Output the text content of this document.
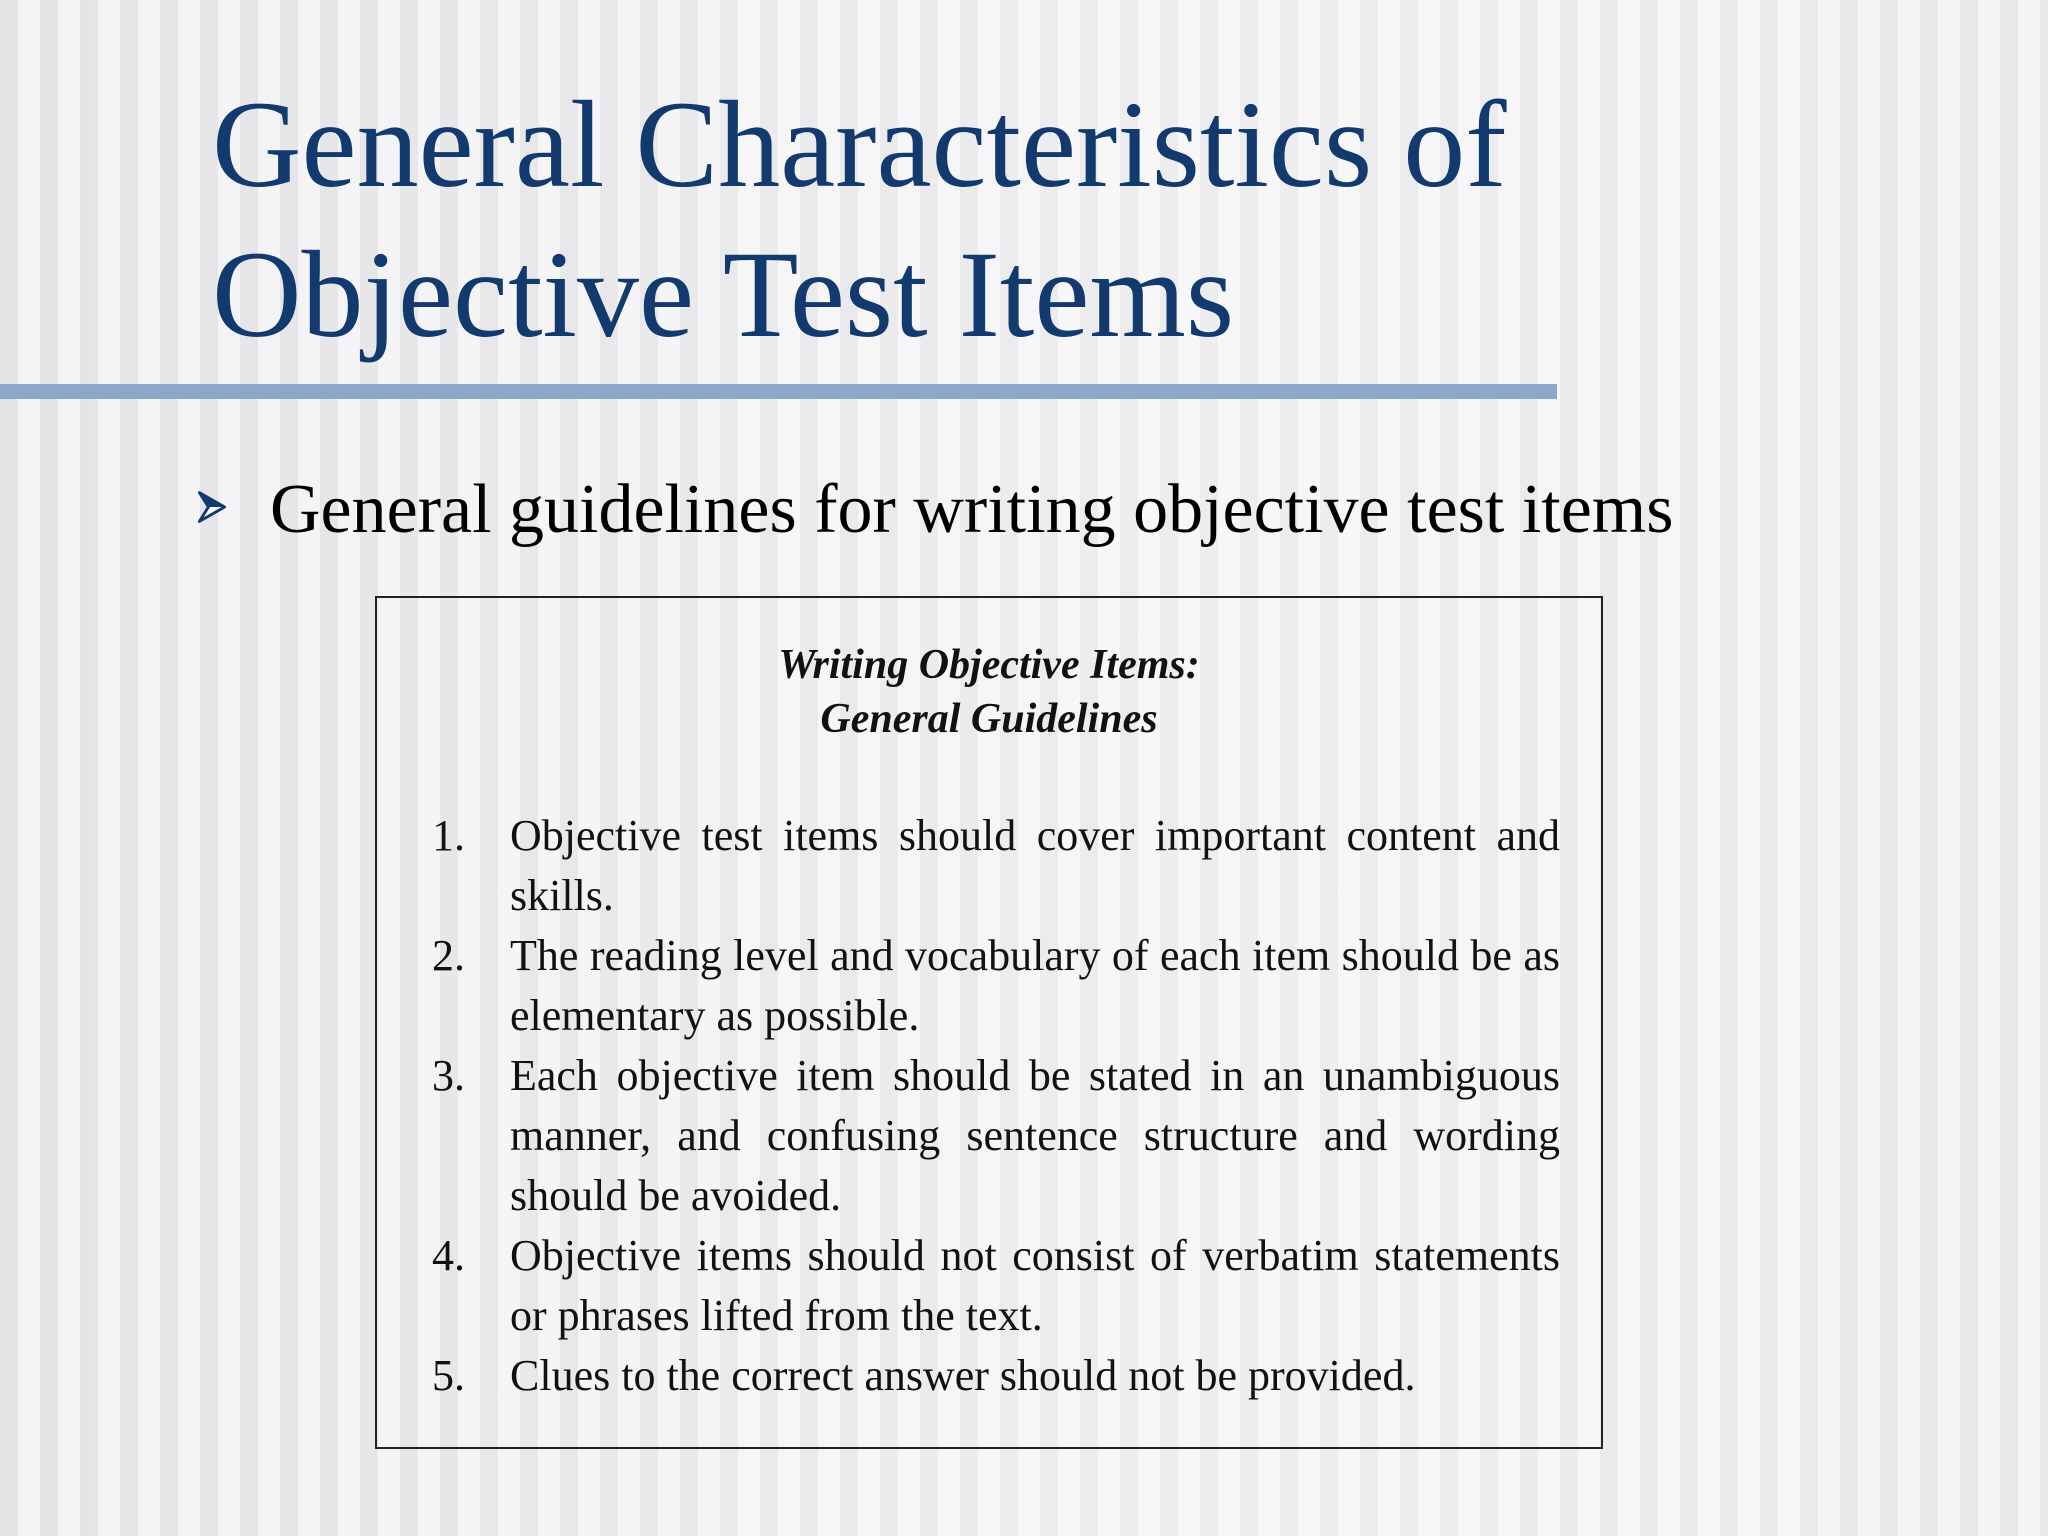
General Characteristics of
Objective Test Items
General guidelines for writing objective test items
Writing Objective Items:
General Guidelines
1.	Objective test items should cover important content and skills.
2.	The reading level and vocabulary of each item should be as elementary as possible.
3.	Each objective item should be stated in an unambiguous manner, and confusing sentence structure and wording should be avoided.
4.	Objective items should not consist of verbatim statements or phrases lifted from the text.
5.	Clues to the correct answer should not be provided.
